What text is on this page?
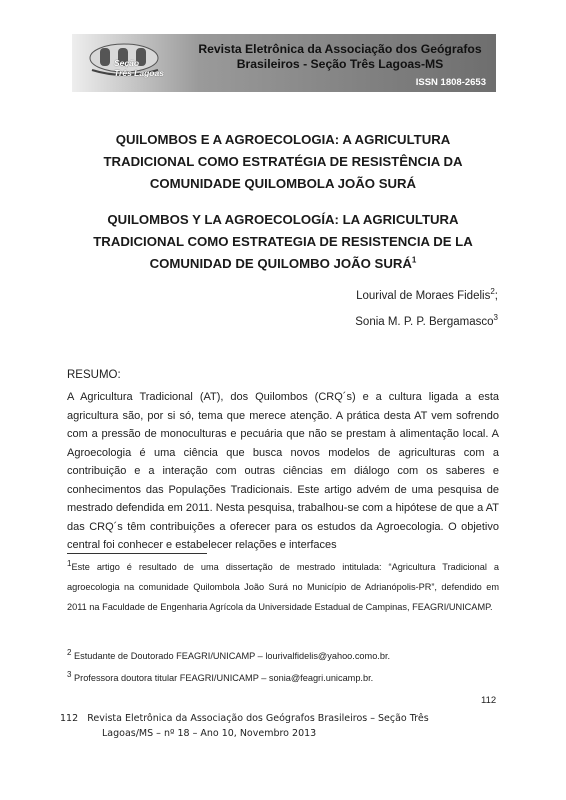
Seção
Três Lagoas
Revista Eletrônica da Associação dos Geógrafos
Brasileiros - Seção Três Lagoas-MS
ISSN 1808-2653
QUILOMBOS E A AGROECOLOGIA: A AGRICULTURA
TRADICIONAL COMO ESTRATÉGIA DE RESISTÊNCIA DA
COMUNIDADE QUILOMBOLA JOÃO SURÁ
QUILOMBOS Y LA AGROECOLOGÍA: LA AGRICULTURA
TRADICIONAL COMO ESTRATEGIA DE RESISTENCIA DE LA
COMUNIDAD DE QUILOMBO JOÃO SURÁ$^1$
Lourival de Moraes Fidelis$^2$;
Sonia M. P. P. Bergamasco$^3$
RESUMO:
A Agricultura Tradicional (AT), dos Quilombos (CRQ´s) e a cultura ligada a esta agricultura são, por si só, tema que merece atenção. A prática desta AT vem sofrendo com a pressão de monoculturas e pecuária que não se prestam à alimentação local. A Agroecologia é uma ciência que busca novos modelos de agriculturas com a contribuição e a interação com outras ciências em diálogo com os saberes e conhecimentos das Populações Tradicionais. Este artigo advém de uma pesquisa de mestrado defendida em 2011. Nesta pesquisa, trabalhou-se com a hipótese de que a AT das CRQ´s têm contribuições a oferecer para os estudos da Agroecologia. O objetivo central foi conhecer e estabelecer relações e interfaces
$^1$Este artigo é resultado de uma dissertação de mestrado intitulada: “Agricultura Tradicional a agroecologia na comunidade Quilombola João Surá no Município de Adrianópolis-PR”, defendido em 2011 na Faculdade de Engenharia Agrícola da Universidade Estadual de Campinas, FEAGRI/UNICAMP.
$^2$ Estudante de Doutorado FEAGRI/UNICAMP – lourivalfidelis@yahoo.como.br.
$^3$ Professora doutora titular FEAGRI/UNICAMP – sonia@feagri.unicamp.br.
112
112 Revista Eletrônica da Associação dos Geógrafos Brasileiros – Seção Três
Lagoas/MS – nº 18 – Ano 10, Novembro 2013
